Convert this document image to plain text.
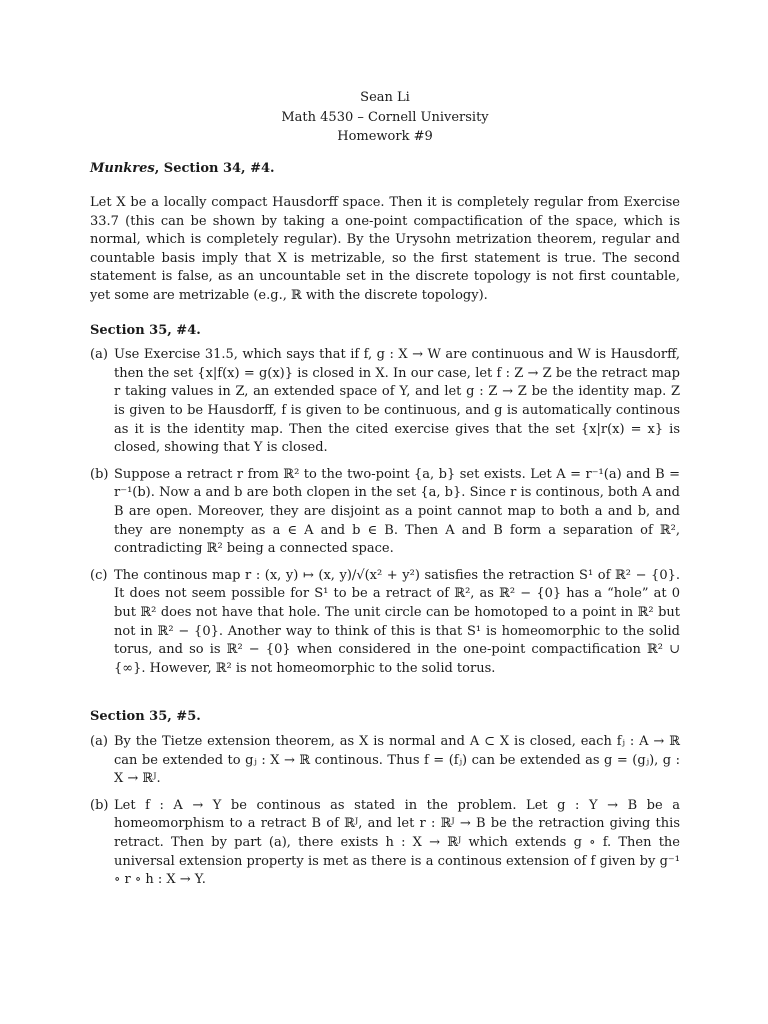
Sean Li
Math 4530 – Cornell University
Homework #9
Munkres, Section 34, #4.

Let X be a locally compact Hausdorff space. Then it is completely regular from Exercise 33.7 (this can be shown by taking a one-point compactification of the space, which is normal, which is completely regular). By the Urysohn metrization theorem, regular and countable basis imply that X is metrizable, so the first statement is true. The second statement is false, as an uncountable set in the discrete topology is not first countable, yet some are metrizable (e.g., ℝ with the discrete topology).

Section 35, #4.
(a) Use Exercise 31.5, which says that if f, g : X → W are continuous and W is Hausdorff, then the set {x|f(x) = g(x)} is closed in X. In our case, let f : Z → Z be the retract map r taking values in Z, an extended space of Y, and let g : Z → Z be the identity map. Z is given to be Hausdorff, f is given to be continuous, and g is automatically continous as it is the identity map. Then the cited exercise gives that the set {x|r(x) = x} is closed, showing that Y is closed.
(b) Suppose a retract r from ℝ² to the two-point {a, b} set exists. Let A = r⁻¹(a) and B = r⁻¹(b). Now a and b are both clopen in the set {a, b}. Since r is continous, both A and B are open. Moreover, they are disjoint as a point cannot map to both a and b, and they are nonempty as a ∈ A and b ∈ B. Then A and B form a separation of ℝ², contradicting ℝ² being a connected space.
(c) The continous map r : (x, y) ↦ (x, y)/√(x² + y²) satisfies the retraction S¹ of ℝ² − {0}. It does not seem possible for S¹ to be a retract of ℝ², as ℝ² − {0} has a “hole” at 0 but ℝ² does not have that hole. The unit circle can be homotoped to a point in ℝ² but not in ℝ² − {0}. Another way to think of this is that S¹ is homeomorphic to the solid torus, and so is ℝ² − {0} when considered in the one-point compactification ℝ² ∪ {∞}. However, ℝ² is not homeomorphic to the solid torus.
Section 35, #5.
(a) By the Tietze extension theorem, as X is normal and A ⊂ X is closed, each fⱼ : A → ℝ can be extended to gⱼ : X → ℝ continous. Thus f = (fⱼ) can be extended as g = (gⱼ), g : X → ℝᴶ.
(b) Let f : A → Y be continous as stated in the problem. Let g : Y → B be a homeomorphism to a retract B of ℝᴶ, and let r : ℝᴶ → B be the retraction giving this retract. Then by part (a), there exists h : X → ℝᴶ which extends g ∘ f. Then the universal extension property is met as there is a continous extension of f given by g⁻¹ ∘ r ∘ h : X → Y.
